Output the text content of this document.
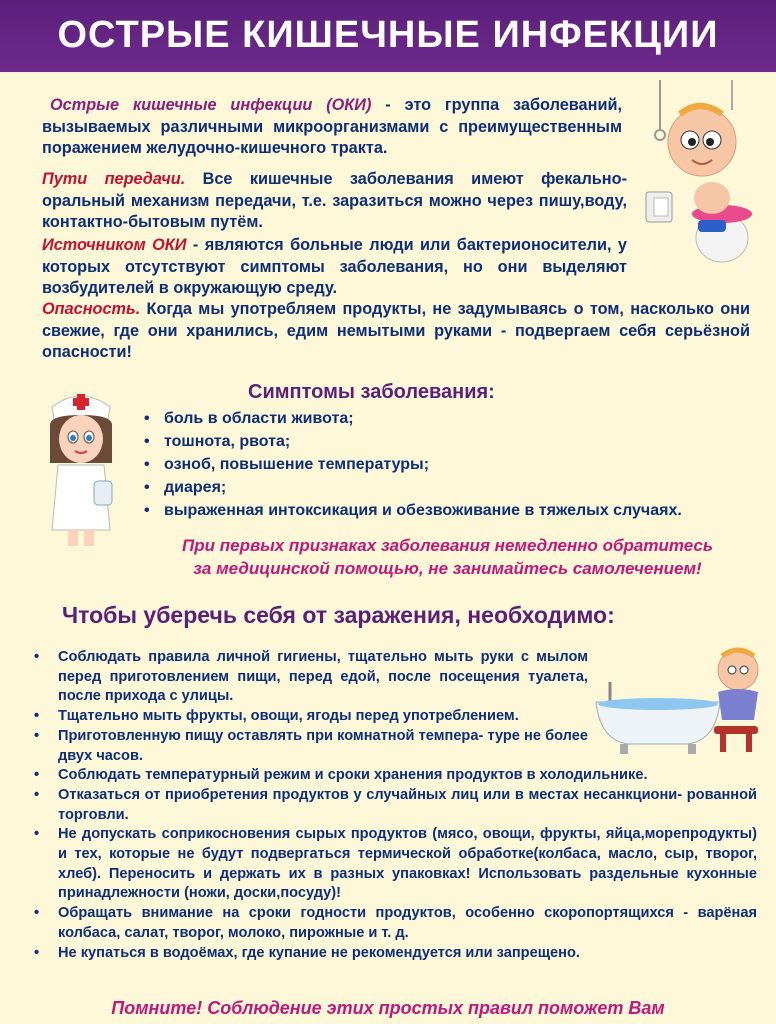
ОСТРЫЕ КИШЕЧНЫЕ ИНФЕКЦИИ

Острые кишечные инфекции (ОКИ) - это группа заболеваний, вызываемых различными микроорганизмами с преимущественным поражением желудочно-кишечного тракта.

Пути передачи. Все кишечные заболевания имеют фекально-оральный механизм передачи, т.е. заразиться можно через пишу,воду, контактно-бытовым путём.

Источником ОКИ - являются больные люди или бактерионосители, у которых отсутствуют симптомы заболевания, но они выделяют возбудителей в окружающую среду.

Опасность. Когда мы употребляем продукты, не задумываясь о том, насколько они свежие, где они хранились, едим немытыми руками - подвергаем себя серьёзной опасности!

Симптомы заболевания:
• боль в области живота;
• тошнота, рвота;
• озноб, повышение температуры;
• диарея;
• выраженная интоксикация и обезвоживание в тяжелых случаях.

При первых признаках заболевания немедленно обратитесь
за медицинской помощью, не занимайтесь самолечением!

Чтобы уберечь себя от заражения, необходимо:
• Соблюдать правила личной гигиены, тщательно мыть руки с мылом перед приготовлением пищи, перед едой, после посещения туалета, после прихода с улицы.
• Тщательно мыть фрукты, овощи, ягоды перед употреблением.
• Приготовленную пищу оставлять при комнатной темпера- туре не более двух часов.
• Соблюдать температурный режим и сроки хранения продуктов в холодильнике.
• Отказаться от приобретения продуктов у случайных лиц или в местах несанкциони- рованной торговли.
• Не допускать соприкосновения сырых продуктов (мясо, овощи, фрукты, яйца,морепродукты) и тех, которые не будут подвергаться термической обработке(колбаса, масло, сыр, творог, хлеб). Переносить и держать их в разных упаковках! Использовать раздельные кухонные принадлежности (ножи, доски,посуду)!
• Обращать внимание на сроки годности продуктов, особенно скоропортящихся - варёная колбаса, салат, творог, молоко, пирожные и т. д.
• Не купаться в водоёмах, где купание не рекомендуется или запрещено.

Помните! Соблюдение этих простых правил поможет Вам
